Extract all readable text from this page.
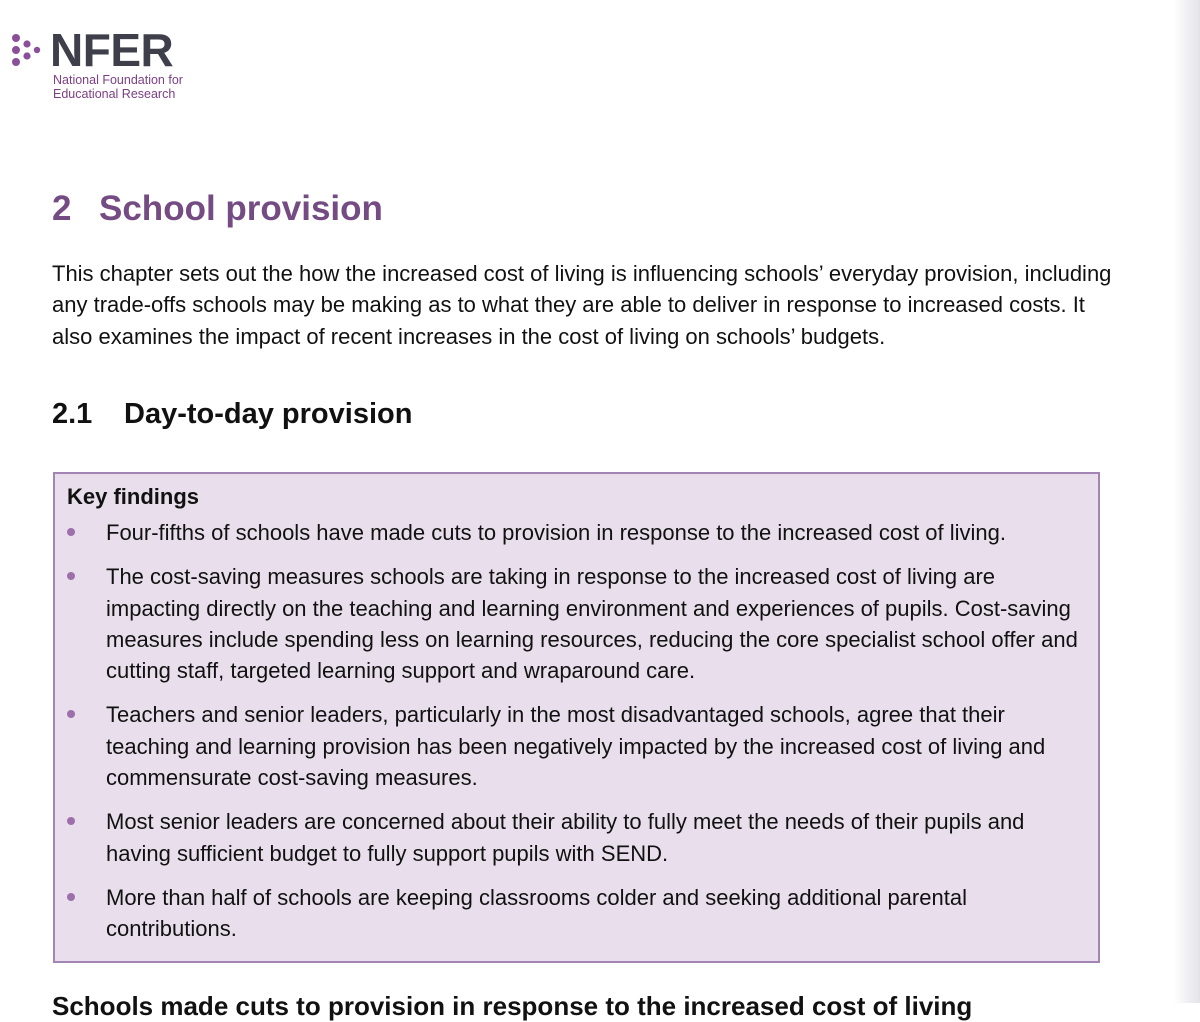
NFER
National Foundation for
Educational Research
2 School provision

This chapter sets out the how the increased cost of living is influencing schools’ everyday provision, including any trade-offs schools may be making as to what they are able to deliver in response to increased costs. It also examines the impact of recent increases in the cost of living on schools’ budgets.

2.1 Day-to-day provision
Key findings
Four-fifths of schools have made cuts to provision in response to the increased cost of living.
The cost-saving measures schools are taking in response to the increased cost of living are impacting directly on the teaching and learning environment and experiences of pupils. Cost-saving measures include spending less on learning resources, reducing the core specialist school offer and cutting staff, targeted learning support and wraparound care.
Teachers and senior leaders, particularly in the most disadvantaged schools, agree that their teaching and learning provision has been negatively impacted by the increased cost of living and commensurate cost-saving measures.
Most senior leaders are concerned about their ability to fully meet the needs of their pupils and having sufficient budget to fully support pupils with SEND.
More than half of schools are keeping classrooms colder and seeking additional parental contributions.
Schools made cuts to provision in response to the increased cost of living
